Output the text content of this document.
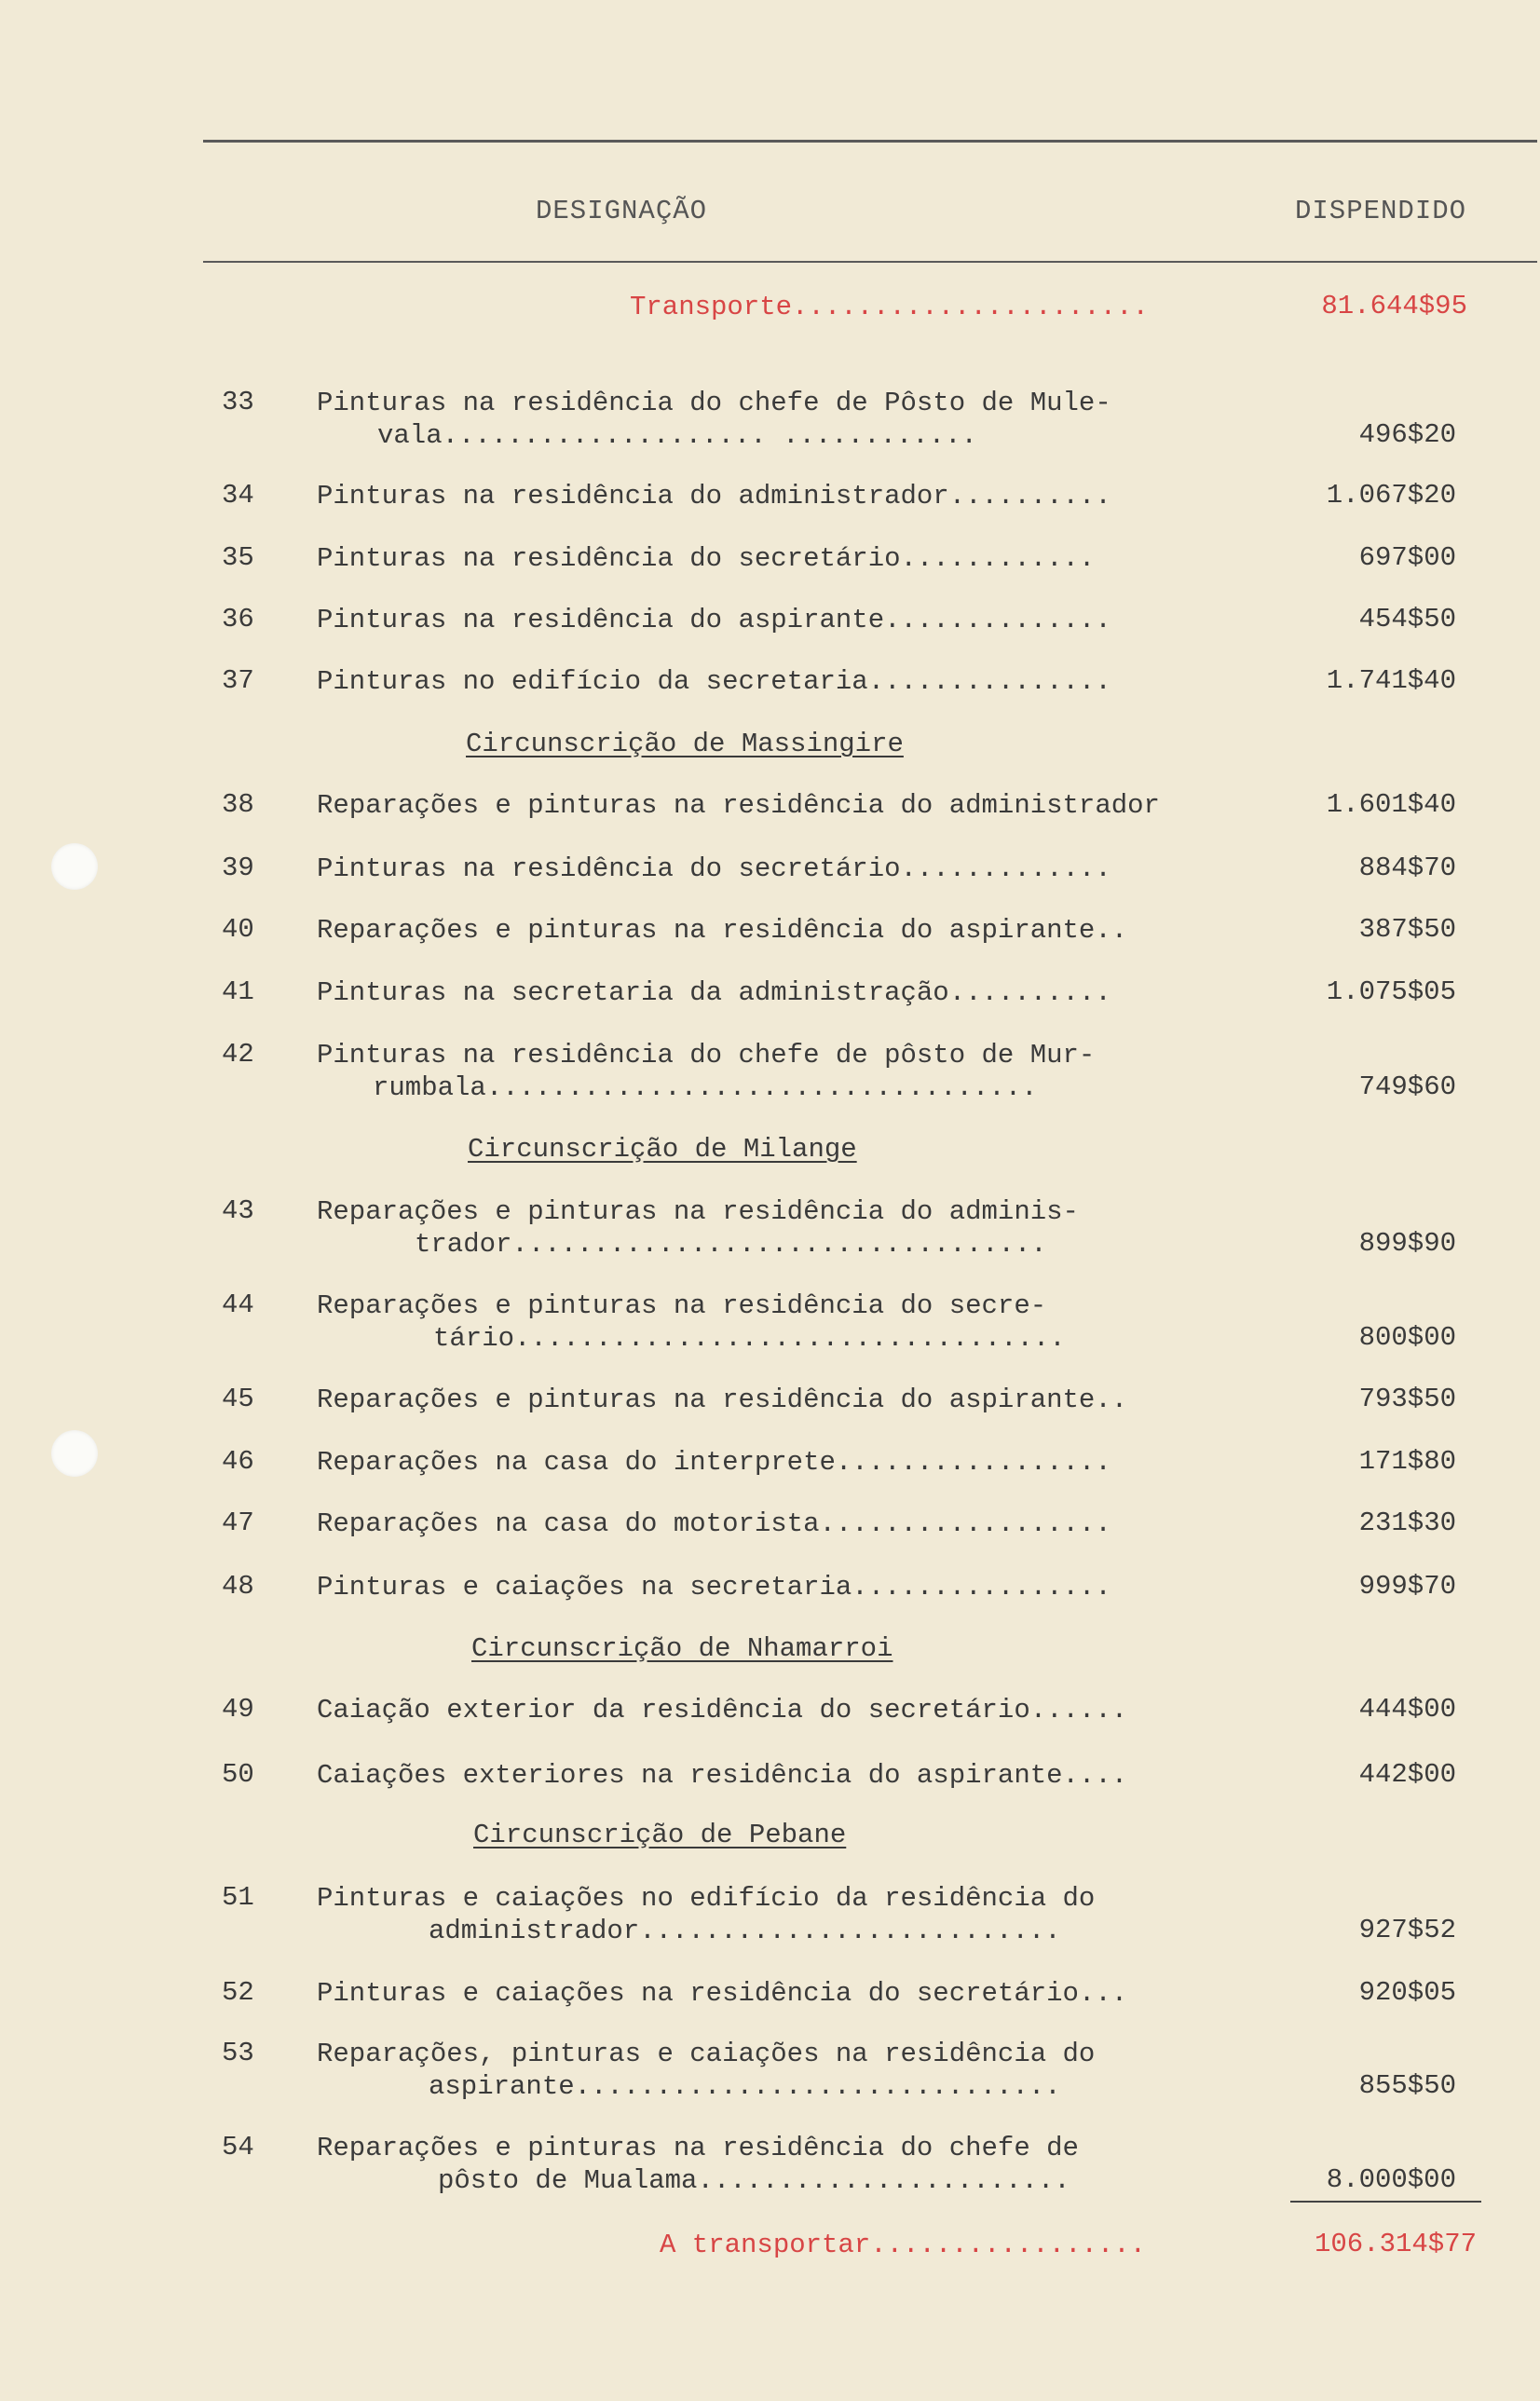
DESIGNAÇÃO	DISPENDIDO
Transporte......................	81.644$95
33	Pinturas na residência do chefe de Pôsto de Mule-
vala.................... ............	496$20
34	Pinturas na residência do administrador..........	1.067$20
35	Pinturas na residência do secretário............	697$00
36	Pinturas na residência do aspirante..............	454$50
37	Pinturas no edifício da secretaria...............	1.741$40
Circunscrição de Massingire
38	Reparações e pinturas na residência do administrador	1.601$40
39	Pinturas na residência do secretário.............	884$70
40	Reparações e pinturas na residência do aspirante..	387$50
41	Pinturas na secretaria da administração..........	1.075$05
42	Pinturas na residência do chefe de pôsto de Mur-
rumbala..................................	749$60
Circunscrição de Milange
43	Reparações e pinturas na residência do adminis-
trador.................................	899$90
44	Reparações e pinturas na residência do secre-
tário..................................	800$00
45	Reparações e pinturas na residência do aspirante..	793$50
46	Reparações na casa do interprete.................	171$80
47	Reparações na casa do motorista..................	231$30
48	Pinturas e caiações na secretaria................	999$70
Circunscrição de Nhamarroi
49	Caiação exterior da residência do secretário......	444$00
50	Caiações exteriores na residência do aspirante....	442$00
Circunscrição de Pebane
51	Pinturas e caiações no edifício da residência do
administrador..........................	927$52
52	Pinturas e caiações na residência do secretário...	920$05
53	Reparações, pinturas e caiações na residência do
aspirante..............................	855$50
54	Reparações e pinturas na residência do chefe de
pôsto de Mualama.......................	8.000$00
A transportar.................	106.314$77
